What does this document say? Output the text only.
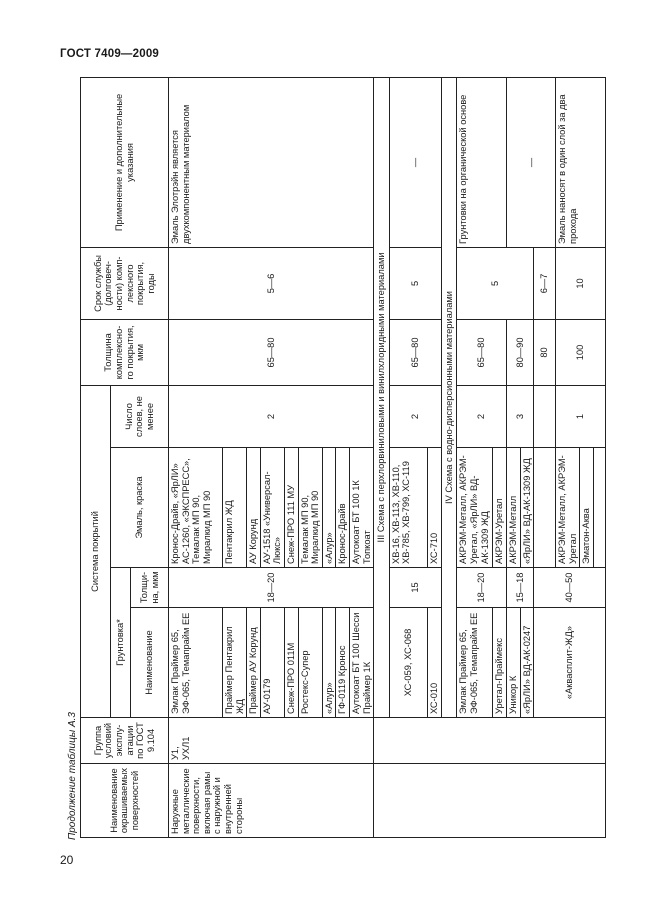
ГОСТ 7409—2009
Продолжение таблицы А.3	Наименование окрашиваемых поверхностей	Группа условий эксплу-атации по ГОСТ 9.104	Система покрытий				Толщина комплексно-го покрытия, мкм	Срок службы (долговеч-ности) комп-лексного покрытия, годы	Применение и дополнительные указания
		Грунтовка*		Эмаль, краска	Число слоев, не менее			
		Наименование	Толщи-на, мкм					
Наружные металлические поверхности, включая рамы с наружной и внутренней стороны	У1, УХЛ1	Эмлак Праймер 65, ЭФ-065, Темапрайм ЕЕ	18—20	Кронос-Драйв, «ЯрЛИ» АС-1260, «ЭКСПРЕСС», Темалак МП 90, Миралкид МП 90	2	65—80	5—6	Эмаль Элотрэйн является двухкомпонентным материалом
		Праймер Пентакрил ЖД		Пентакрил ЖД				
		Праймер АУ Корунд		АУ Корунд				
		АУ-0179		АУ-1518 «Универсал-Люкс»				
		Снеж-ПРО 011М		Снеж-ПРО 111 МУ				
		Ростекс-Супер		Темалак МП 90, Миралкид МП 90				
		«Алур»		«Алур»				
		ГФ-0119 Кронос		Кронос-Драйв				
		Аутокоат БТ 100 Шесси Праймер 1К		Аутокоат БТ 100 1К Топкоат				
		III Схема с перхлорвиниловыми и винилхлоридными материалами						
		ХС-059, ХС-068	15	ХВ-16, ХВ-113, ХВ-110, ХВ-785, ХВ-799, ХС-119	2	65—80	5	—
		ХС-010		ХС-710				
		IV Схема с водно-дисперсионными материалами						
		Эмлак Праймер 65, ЭФ-065, Темапрайм ЕЕ	18—20	АКРЭМ-Металл, АКРЭМ-Уретал, «ЯрЛИ» ВД-АК-1309 ЖД	2	65—80	5	Грунтовки на органической основе
		Уретал-Праймекс		АКРЭМ-Уретал				
		Уникор К	15—18	АКРЭМ-Металл	3	80—90		—
		«ЯрЛИ» ВД-АК-0247		«ЯрЛИ» ВД-АК-1309 ЖД				
		«Аквасплит-ЖД»	40—50			80	6—7	
				АКРЭМ-Металл, АКРЭМ-Уретал	1	100	10	Эмаль наносят в один слой за два прохода
				Эматон-Аква				

20
